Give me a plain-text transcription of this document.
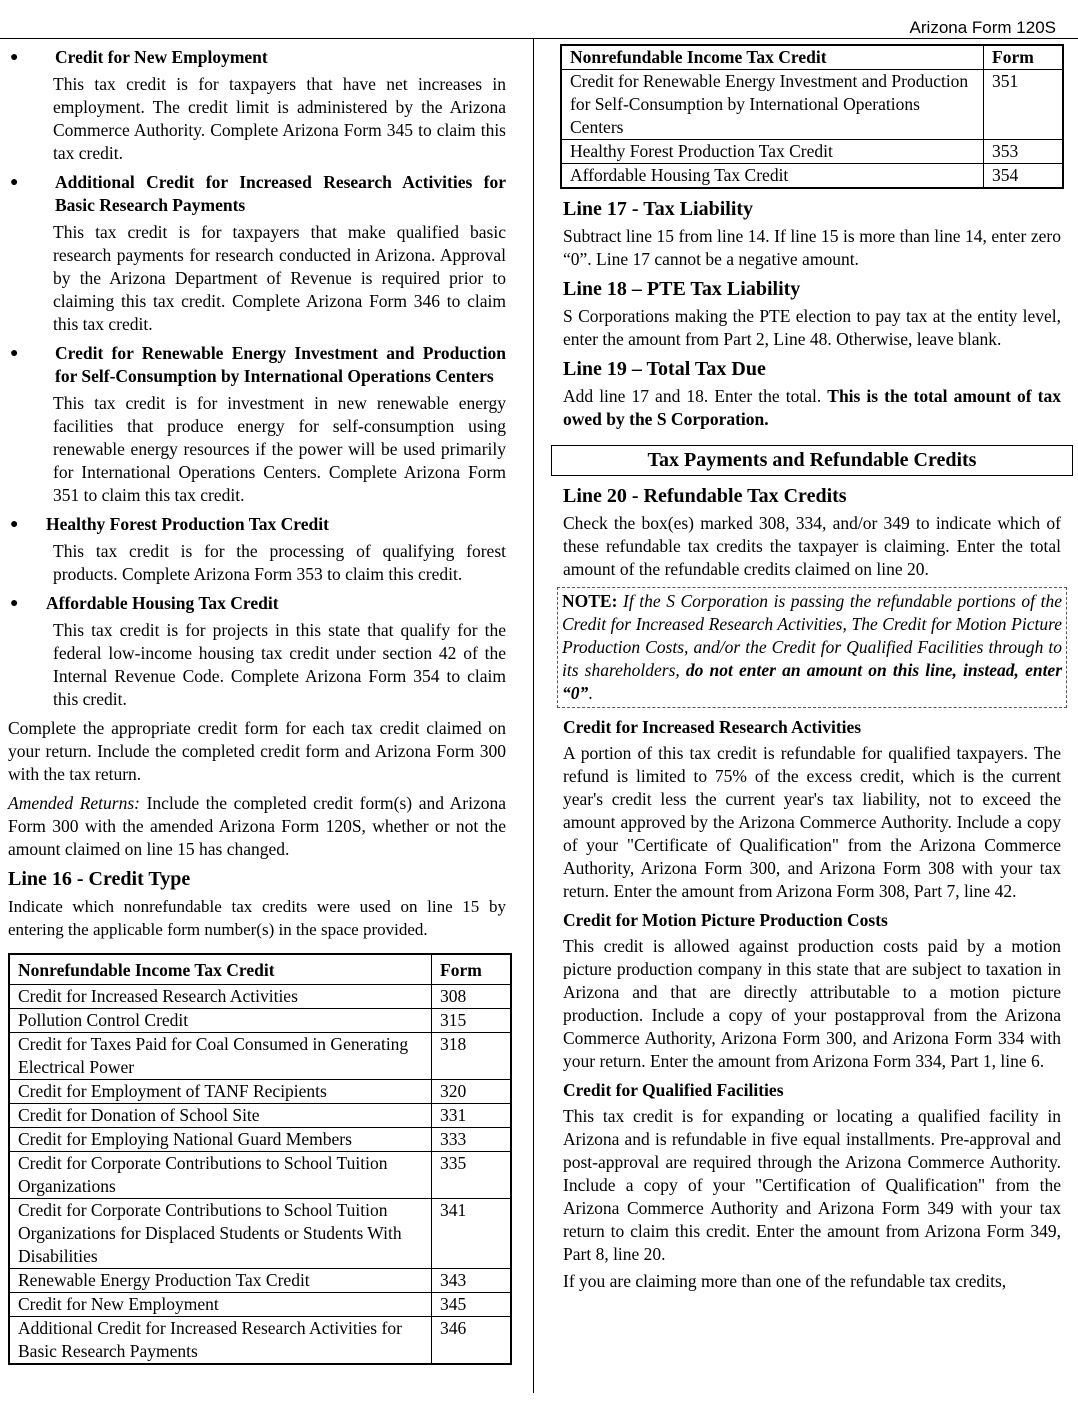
Arizona Form 120S
●	Credit for New Employment

This tax credit is for taxpayers that have net increases in employment. The credit limit is administered by the Arizona Commerce Authority. Complete Arizona Form 345 to claim this tax credit.

●	Additional Credit for Increased Research Activities for Basic Research Payments

This tax credit is for taxpayers that make qualified basic research payments for research conducted in Arizona. Approval by the Arizona Department of Revenue is required prior to claiming this tax credit. Complete Arizona Form 346 to claim this tax credit.

●	Credit for Renewable Energy Investment and Production for Self-Consumption by International Operations Centers

This tax credit is for investment in new renewable energy facilities that produce energy for self-consumption using renewable energy resources if the power will be used primarily for International Operations Centers. Complete Arizona Form 351 to claim this tax credit.

●	Healthy Forest Production Tax Credit

This tax credit is for the processing of qualifying forest products. Complete Arizona Form 353 to claim this credit.

●	Affordable Housing Tax Credit

This tax credit is for projects in this state that qualify for the federal low-income housing tax credit under section 42 of the Internal Revenue Code. Complete Arizona Form 354 to claim this credit.

Complete the appropriate credit form for each tax credit claimed on your return. Include the completed credit form and Arizona Form 300 with the tax return.

Amended Returns: Include the completed credit form(s) and Arizona Form 300 with the amended Arizona Form 120S, whether or not the amount claimed on line 15 has changed.

Line 16 - Credit Type

Indicate which nonrefundable tax credits were used on line 15 by entering the applicable form number(s) in the space provided.

Nonrefundable Income Tax Credit	Form
Credit for Increased Research Activities	308
Pollution Control Credit	315
Credit for Taxes Paid for Coal Consumed in Generating Electrical Power	318
Credit for Employment of TANF Recipients	320
Credit for Donation of School Site	331
Credit for Employing National Guard Members	333
Credit for Corporate Contributions to School Tuition Organizations	335
Credit for Corporate Contributions to School Tuition Organizations for Displaced Students or Students With Disabilities	341
Renewable Energy Production Tax Credit	343
Credit for New Employment	345
Additional Credit for Increased Research Activities for Basic Research Payments	346
Nonrefundable Income Tax Credit	Form
Credit for Renewable Energy Investment and Production for Self-Consumption by International Operations Centers	351
Healthy Forest Production Tax Credit	353
Affordable Housing Tax Credit	354
Line 17 - Tax Liability

Subtract line 15 from line 14. If line 15 is more than line 14, enter zero “0”. Line 17 cannot be a negative amount.

Line 18 – PTE Tax Liability

S Corporations making the PTE election to pay tax at the entity level, enter the amount from Part 2, Line 48. Otherwise, leave blank.

Line 19 – Total Tax Due

Add line 17 and 18. Enter the total. This is the total amount of tax owed by the S Corporation.

Tax Payments and Refundable Credits
Line 20 - Refundable Tax Credits

Check the box(es) marked 308, 334, and/or 349 to indicate which of these refundable tax credits the taxpayer is claiming. Enter the total amount of the refundable credits claimed on line 20.

NOTE: If the S Corporation is passing the refundable portions of the Credit for Increased Research Activities, The Credit for Motion Picture Production Costs, and/or the Credit for Qualified Facilities through to its shareholders, do not enter an amount on this line, instead, enter “0”.
Credit for Increased Research Activities

A portion of this tax credit is refundable for qualified taxpayers. The refund is limited to 75% of the excess credit, which is the current year's credit less the current year's tax liability, not to exceed the amount approved by the Arizona Commerce Authority. Include a copy of your "Certificate of Qualification" from the Arizona Commerce Authority, Arizona Form 300, and Arizona Form 308 with your tax return. Enter the amount from Arizona Form 308, Part 7, line 42.

Credit for Motion Picture Production Costs

This credit is allowed against production costs paid by a motion picture production company in this state that are subject to taxation in Arizona and that are directly attributable to a motion picture production. Include a copy of your postapproval from the Arizona Commerce Authority, Arizona Form 300, and Arizona Form 334 with your return. Enter the amount from Arizona Form 334, Part 1, line 6.

Credit for Qualified Facilities

This tax credit is for expanding or locating a qualified facility in Arizona and is refundable in five equal installments. Pre-approval and post-approval are required through the Arizona Commerce Authority. Include a copy of your "Certification of Qualification" from the Arizona Commerce Authority and Arizona Form 349 with your tax return to claim this credit. Enter the amount from Arizona Form 349, Part 8, line 20.

If you are claiming more than one of the refundable tax credits,
